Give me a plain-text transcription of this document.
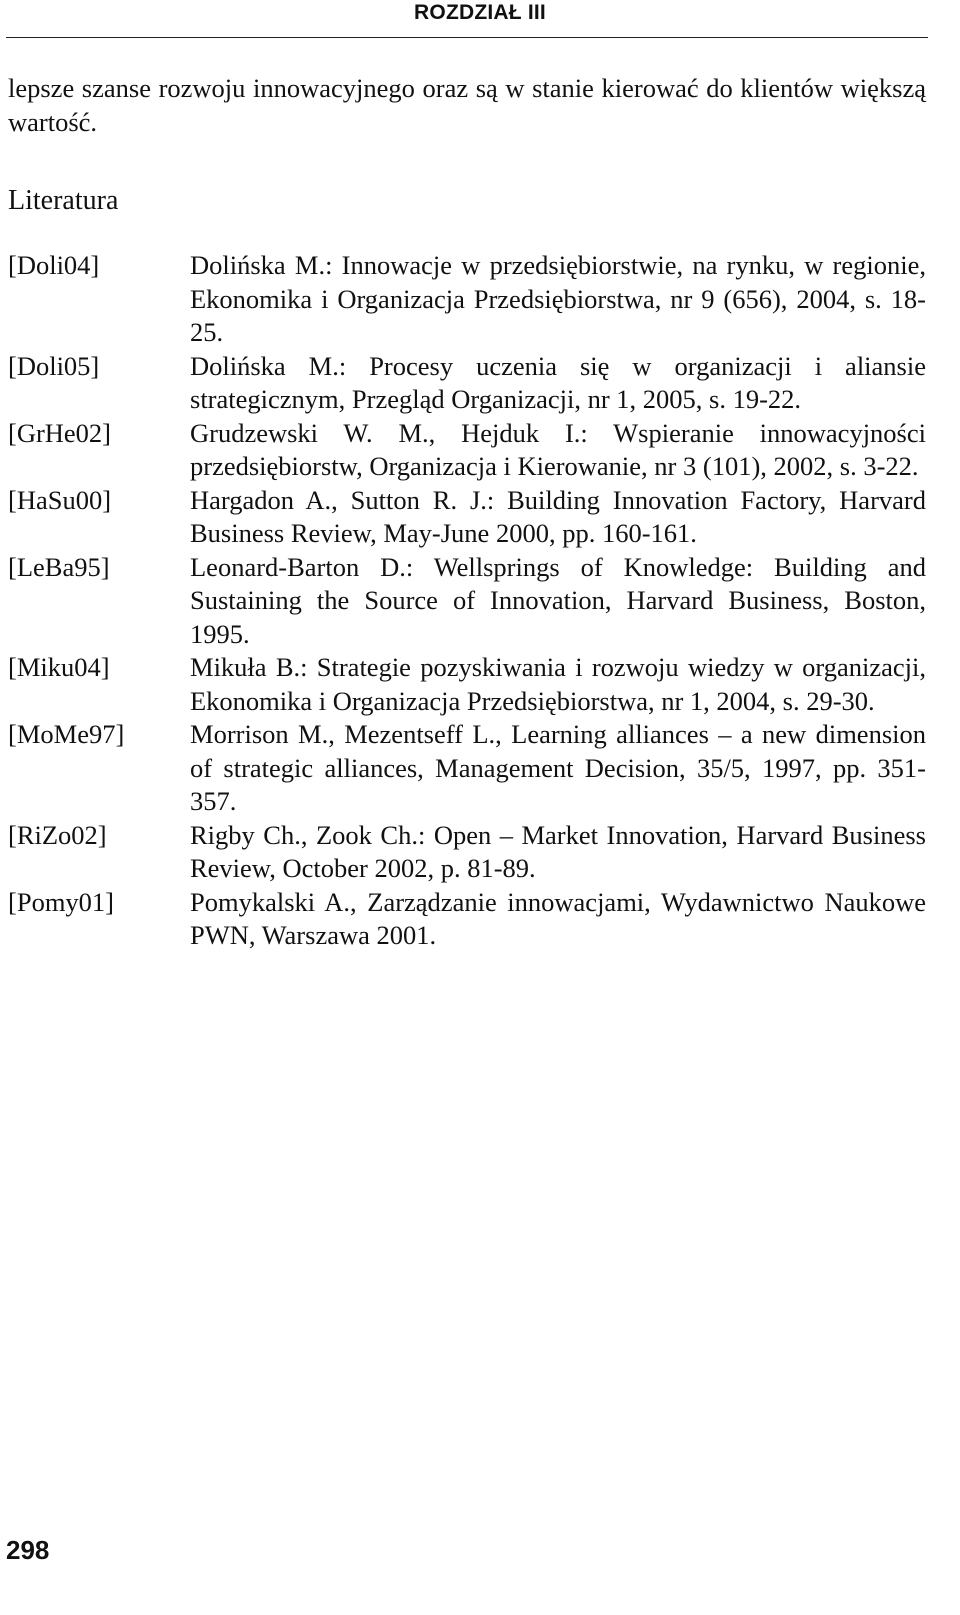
ROZDZIAŁ III

lepsze szanse rozwoju innowacyjnego oraz są w stanie kierować do klientów większą wartość.

Literatura
[Doli04]	Dolińska M.: Innowacje w przedsiębiorstwie, na rynku, w regionie, Ekonomika i Organizacja Przedsiębiorstwa, nr 9 (656), 2004, s. 18-25.
[Doli05]	Dolińska M.: Procesy uczenia się w organizacji i aliansie strategicznym, Przegląd Organizacji, nr 1, 2005, s. 19-22.
[GrHe02]	Grudzewski W. M., Hejduk I.: Wspieranie innowacyjności przedsiębiorstw, Organizacja i Kierowanie, nr 3 (101), 2002, s. 3-22.
[HaSu00]	Hargadon A., Sutton R. J.: Building Innovation Factory, Harvard Business Review, May-June 2000, pp. 160-161.
[LeBa95]	Leonard-Barton D.: Wellsprings of Knowledge: Building and Sustaining the Source of Innovation, Harvard Business, Boston, 1995.
[Miku04]	Mikuła B.: Strategie pozyskiwania i rozwoju wiedzy w organizacji, Ekonomika i Organizacja Przedsiębiorstwa, nr 1, 2004, s. 29-30.
[MoMe97]	Morrison M., Mezentseff L., Learning alliances – a new dimension of strategic alliances, Management Decision, 35/5, 1997, pp. 351-357.
[RiZo02]	Rigby Ch., Zook Ch.: Open – Market Innovation, Harvard Business Review, October 2002, p. 81-89.
[Pomy01]	Pomykalski A., Zarządzanie innowacjami, Wydawnictwo Naukowe PWN, Warszawa 2001.
298
